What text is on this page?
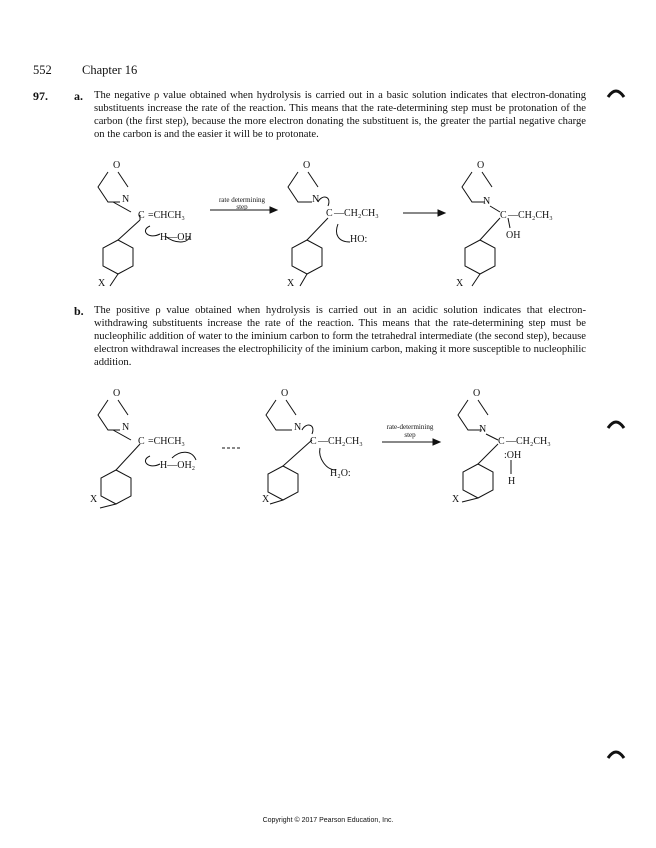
552 Chapter 16
97. a. The negative ρ value obtained when hydrolysis is carried out in a basic solution indicates that electron-donating substituents increase the rate of the reaction. This means that the rate-determining step must be protonation of the carbon (the first step), because the more electron donating the substituent is, the greater the partial negative charge on the carbon is and the easier it will be to protonate.

O
N
C =CHCH₃
H—OH
X
rate determining
step
O
N
C —CH₂CH₃
HO:
X
O
N
C —CH₂CH₃
OH
X
b. The positive ρ value obtained when hydrolysis is carried out in an acidic solution indicates that electron-withdrawing substituents increase the rate of the reaction. This means that the rate-determining step must be nucleophilic addition of water to the iminium carbon to form the tetrahedral intermediate (the second step), because electron withdrawal increases the electrophilicity of the iminium carbon, making it more susceptible to nucleophilic addition.

O
N
C =CHCH₃
H—OH₂
X
O
N
C —CH₂CH₃
H₂O:
X
rate-determining
step
O
N
C —CH₂CH₃
:OH
H
X
Copyright © 2017 Pearson Education, Inc.
